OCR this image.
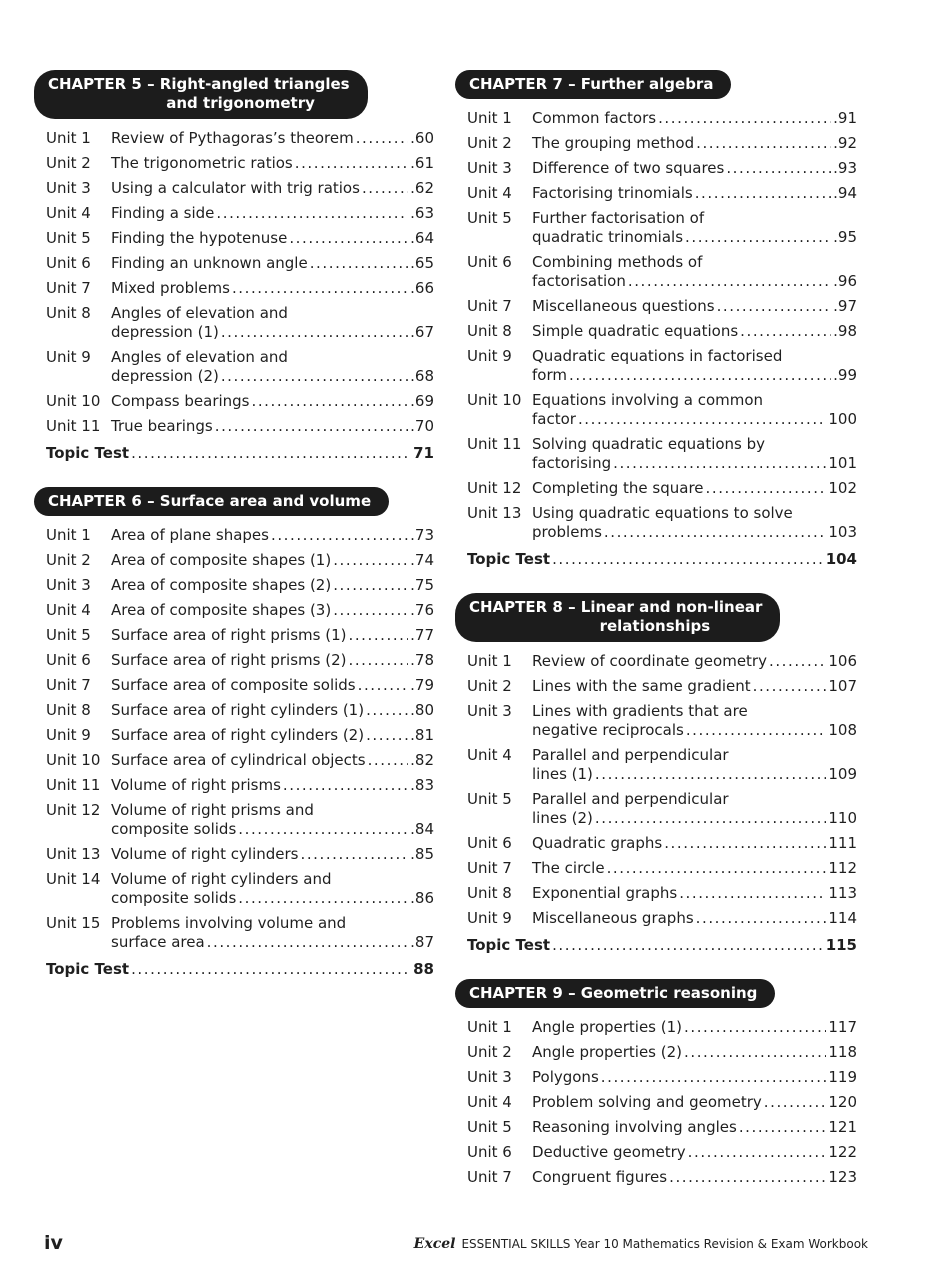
CHAPTER 5 – Right-angled triangles
and trigonometry
Unit 1	Review of Pythagoras’s theorem . . .	.60
Unit 2	The trigonometric ratios . . .	.61
Unit 3	Using a calculator with trig ratios . . .	.62
Unit 4	Finding a side . . .	.63
Unit 5	Finding the hypotenuse . . .	.64
Unit 6	Finding an unknown angle . . .	.65
Unit 7	Mixed problems . . .	.66
Unit 8	Angles of elevation and
depression (1) . . .	.67
Unit 9	Angles of elevation and
depression (2) . . .	.68
Unit 10 Compass bearings . . .	.69
Unit 11 True bearings . . .	.70
Topic Test . . .	71
CHAPTER 6 – Surface area and volume
Unit 1	Area of plane shapes . . .	.73
Unit 2	Area of composite shapes (1) . . .	.74
Unit 3	Area of composite shapes (2) . . .	.75
Unit 4	Area of composite shapes (3) . . .	.76
Unit 5	Surface area of right prisms (1) . . .	.77
Unit 6	Surface area of right prisms (2) . . .	.78
Unit 7	Surface area of composite solids . . .	.79
Unit 8	Surface area of right cylinders (1) . . .	.80
Unit 9	Surface area of right cylinders (2) . . .	.81
Unit 10 Surface area of cylindrical objects . . .	.82
Unit 11 Volume of right prisms . . .	.83
Unit 12 Volume of right prisms and
composite solids . . .	.84
Unit 13 Volume of right cylinders . . .	.85
Unit 14 Volume of right cylinders and
composite solids . . .	.86
Unit 15 Problems involving volume and
surface area . . .	.87
Topic Test . . .	88
CHAPTER 7 – Further algebra
Unit 1	Common factors . . .	.91
Unit 2	The grouping method . . .	.92
Unit 3	Difference of two squares . . .	.93
Unit 4	Factorising trinomials . . .	.94
Unit 5	Further factorisation of
quadratic trinomials . . .	.95
Unit 6	Combining methods of
factorisation . . .	.96
Unit 7	Miscellaneous questions . . .	.97
Unit 8	Simple quadratic equations . . .	.98
Unit 9	Quadratic equations in factorised
form . . .	.99
Unit 10 Equations involving a common
factor . . .	100
Unit 11 Solving quadratic equations by
factorising . . .	101
Unit 12 Completing the square . . .	102
Unit 13 Using quadratic equations to solve
problems . . .	103
Topic Test . . .	104
CHAPTER 8 – Linear and non-linear
relationships
Unit 1	Review of coordinate geometry . . .	106
Unit 2	Lines with the same gradient . . .	107
Unit 3	Lines with gradients that are
negative reciprocals . . .	108
Unit 4	Parallel and perpendicular
lines (1) . . .	109
Unit 5	Parallel and perpendicular
lines (2) . . .	110
Unit 6	Quadratic graphs . . .	111
Unit 7	The circle . . .	112
Unit 8	Exponential graphs . . .	113
Unit 9	Miscellaneous graphs . . .	114
Topic Test . . .	115
CHAPTER 9 – Geometric reasoning
Unit 1	Angle properties (1) . . .	117
Unit 2	Angle properties (2) . . .	118
Unit 3	Polygons . . .	119
Unit 4	Problem solving and geometry . . .	120
Unit 5	Reasoning involving angles . . .	121
Unit 6	Deductive geometry . . .	122
Unit 7	Congruent figures . . .	123
iv	Excel ESSENTIAL SKILLS Year 10 Mathematics Revision & Exam Workbook
